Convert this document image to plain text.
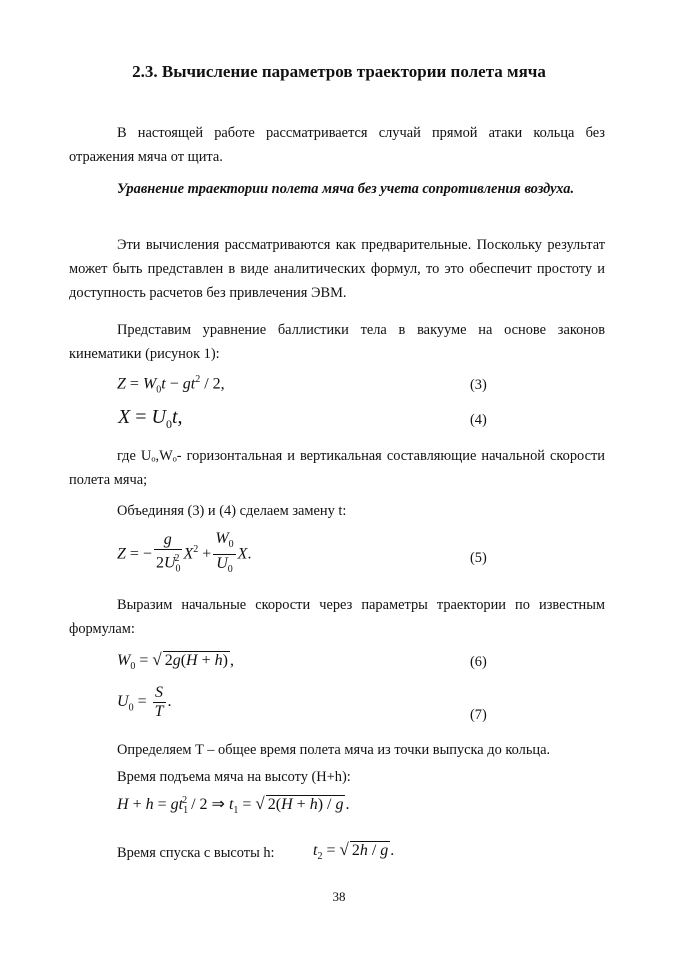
2.3. Вычисление параметров траектории полета мяча
В настоящей работе рассматривается случай прямой атаки кольца без отражения мяча от щита.
Уравнение траектории полета мяча без учета сопротивления воздуха.
Эти вычисления рассматриваются как предварительные. Поскольку результат может быть представлен в виде аналитических формул, то это обеспечит простоту и доступность расчетов без привлечения ЭВМ.
Представим уравнение баллистики тела в вакууме на основе законов кинематики (рисунок 1):
$Z = W_0t - gt^2 / 2$,	(3)
$X = U_0t$,	(4)
где Uₒ,Wₒ- горизонтальная и вертикальная составляющие начальной скорости полета мяча;
Объединяя (3) и (4) сделаем замену t:
Z = − $\frac{g}{2U_0^2} X^2 + \frac{W_0}{U_0} X$.	(5)
Выразим начальные скорости через параметры траектории по известным формулам:
$W_0$ = √ 2g(H + h) ,	(6)
$U_0 = \frac{S}{T}$ .
(7)
Определяем T – общее время полета мяча из точки выпуска до кольца.
Время подъема мяча на высоту (H+h):
$H + h = gt_1^2 / 2$ ⇒ $t_1$ = √ 2(H + h) / g .
Время спуска с высоты h:	$t_2$ = √ 2h / g .
38
